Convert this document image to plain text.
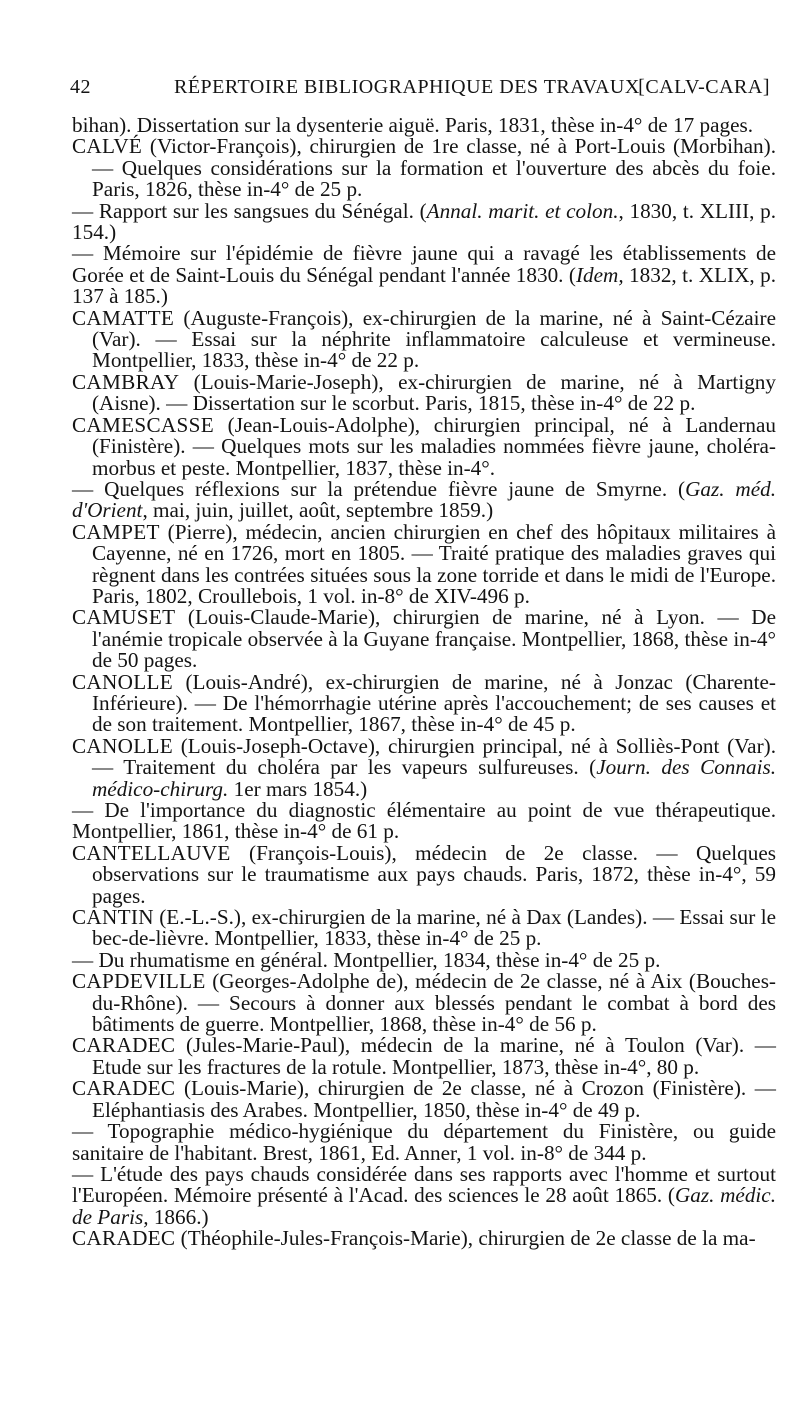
42	RÉPERTOIRE BIBLIOGRAPHIQUE DES TRAVAUX
[CALV-CARA]

bihan). Dissertation sur la dysenterie aiguë. Paris, 1831, thèse in-4° de 17 pages.

CALVÉ (Victor-François), chirurgien de 1re classe, né à Port-Louis (Morbihan). — Quelques considérations sur la formation et l'ouverture des abcès du foie. Paris, 1826, thèse in-4° de 25 p.

— Rapport sur les sangsues du Sénégal. (Annal. marit. et colon., 1830, t. XLIII, p. 154.)

— Mémoire sur l'épidémie de fièvre jaune qui a ravagé les établissements de Gorée et de Saint-Louis du Sénégal pendant l'année 1830. (Idem, 1832, t. XLIX, p. 137 à 185.)

CAMATTE (Auguste-François), ex-chirurgien de la marine, né à Saint-Cézaire (Var). — Essai sur la néphrite inflammatoire calculeuse et vermineuse. Montpellier, 1833, thèse in-4° de 22 p.

CAMBRAY (Louis-Marie-Joseph), ex-chirurgien de marine, né à Martigny (Aisne). — Dissertation sur le scorbut. Paris, 1815, thèse in-4° de 22 p.

CAMESCASSE (Jean-Louis-Adolphe), chirurgien principal, né à Landernau (Finistère). — Quelques mots sur les maladies nommées fièvre jaune, choléra-morbus et peste. Montpellier, 1837, thèse in-4°.

— Quelques réflexions sur la prétendue fièvre jaune de Smyrne. (Gaz. méd. d'Orient, mai, juin, juillet, août, septembre 1859.)

CAMPET (Pierre), médecin, ancien chirurgien en chef des hôpitaux militaires à Cayenne, né en 1726, mort en 1805. — Traité pratique des maladies graves qui règnent dans les contrées situées sous la zone torride et dans le midi de l'Europe. Paris, 1802, Croullebois, 1 vol. in-8° de XIV-496 p.

CAMUSET (Louis-Claude-Marie), chirurgien de marine, né à Lyon. — De l'anémie tropicale observée à la Guyane française. Montpellier, 1868, thèse in-4° de 50 pages.

CANOLLE (Louis-André), ex-chirurgien de marine, né à Jonzac (Charente-Inférieure). — De l'hémorrhagie utérine après l'accouchement; de ses causes et de son traitement. Montpellier, 1867, thèse in-4° de 45 p.

CANOLLE (Louis-Joseph-Octave), chirurgien principal, né à Solliès-Pont (Var). — Traitement du choléra par les vapeurs sulfureuses. (Journ. des Connais. médico-chirurg. 1er mars 1854.)

— De l'importance du diagnostic élémentaire au point de vue thérapeutique. Montpellier, 1861, thèse in-4° de 61 p.

CANTELLAUVE (François-Louis), médecin de 2e classe. — Quelques observations sur le traumatisme aux pays chauds. Paris, 1872, thèse in-4°, 59 pages.

CANTIN (E.-L.-S.), ex-chirurgien de la marine, né à Dax (Landes). — Essai sur le bec-de-lièvre. Montpellier, 1833, thèse in-4° de 25 p.

— Du rhumatisme en général. Montpellier, 1834, thèse in-4° de 25 p.

CAPDEVILLE (Georges-Adolphe de), médecin de 2e classe, né à Aix (Bouches-du-Rhône). — Secours à donner aux blessés pendant le combat à bord des bâtiments de guerre. Montpellier, 1868, thèse in-4° de 56 p.

CARADEC (Jules-Marie-Paul), médecin de la marine, né à Toulon (Var). — Etude sur les fractures de la rotule. Montpellier, 1873, thèse in-4°, 80 p.

CARADEC (Louis-Marie), chirurgien de 2e classe, né à Crozon (Finistère). — Eléphantiasis des Arabes. Montpellier, 1850, thèse in-4° de 49 p.

— Topographie médico-hygiénique du département du Finistère, ou guide sanitaire de l'habitant. Brest, 1861, Ed. Anner, 1 vol. in-8° de 344 p.

— L'étude des pays chauds considérée dans ses rapports avec l'homme et surtout l'Européen. Mémoire présenté à l'Acad. des sciences le 28 août 1865. (Gaz. médic. de Paris, 1866.)

CARADEC (Théophile-Jules-François-Marie), chirurgien de 2e classe de la ma-
